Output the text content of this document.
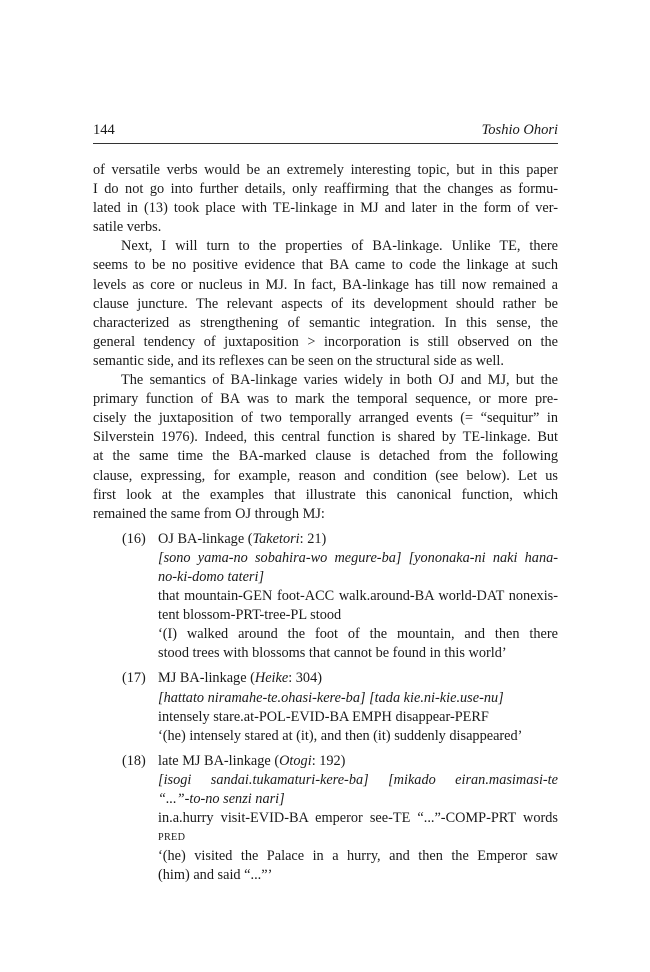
144	Toshio Ohori

of versatile verbs would be an extremely interesting topic, but in this paper
I do not go into further details, only reaffirming that the changes as formu-
lated in (13) took place with TE-linkage in MJ and later in the form of ver-
satile verbs.

Next, I will turn to the properties of BA-linkage. Unlike TE, there
seems to be no positive evidence that BA came to code the linkage at such
levels as core or nucleus in MJ. In fact, BA-linkage has till now remained a
clause juncture. The relevant aspects of its development should rather be
characterized as strengthening of semantic integration. In this sense, the
general tendency of juxtaposition > incorporation is still observed on the
semantic side, and its reflexes can be seen on the structural side as well.

The semantics of BA-linkage varies widely in both OJ and MJ, but the
primary function of BA was to mark the temporal sequence, or more pre-
cisely the juxtaposition of two temporally arranged events (= “sequitur” in
Silverstein 1976). Indeed, this central function is shared by TE-linkage. But
at the same time the BA-marked clause is detached from the following
clause, expressing, for example, reason and condition (see below). Let us
first look at the examples that illustrate this canonical function, which
remained the same from OJ through MJ:

(16) OJ BA-linkage (Taketori: 21)
[sono yama-no sobahira-wo megure-ba] [yononaka-ni naki hana-
no-ki-domo tateri]
that mountain-GEN foot-ACC walk.around-BA world-DAT nonexis-
tent blossom-PRT-tree-PL stood
‘(I) walked around the foot of the mountain, and then there
stood trees with blossoms that cannot be found in this world’
(17) MJ BA-linkage (Heike: 304)
[hattato niramahe-te.ohasi-kere-ba] [tada kie.ni-kie.use-nu]
intensely stare.at-POL-EVID-BA EMPH disappear-PERF
‘(he) intensely stared at (it), and then (it) suddenly disappeared’
(18) late MJ BA-linkage (Otogi: 192)
[isogi sandai.tukamaturi-kere-ba] [mikado eiran.masimasi-te
“...”-to-no senzi nari]
in.a.hurry visit-EVID-BA emperor see-TE “...”-COMP-PRT words
PRED
‘(he) visited the Palace in a hurry, and then the Emperor saw
(him) and said “...”’
